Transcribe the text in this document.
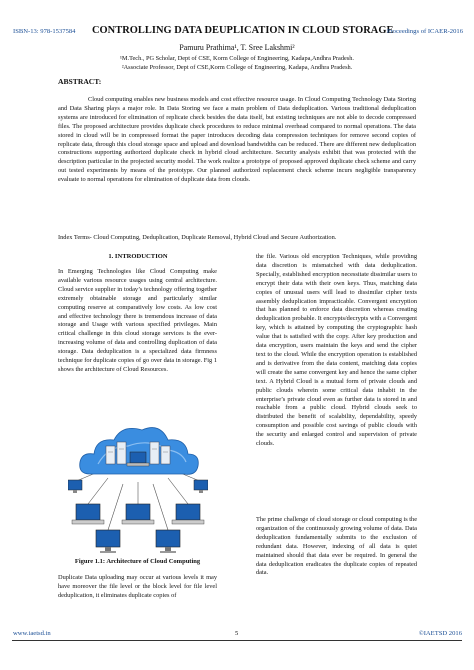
ISBN-13: 978-1537584 CONTROLLING DATA DEUPLICATION IN CLOUD STORAGE
Proceedings of ICAER-2016
Pamuru Prathima¹, T. Sree Lakshmi²
¹M.Tech., PG Scholar, Dept of CSE, Korm College of Engineering, Kadapa,Andhra Pradesh.
²Associate Professor, Dept of CSE,Korm College of Engineering, Kadapa, Andhra Pradesh.
ABSTRACT:

Cloud computing enables new business models and cost effective resource usage. In Cloud Computing Technology Data Storing and Data Sharing plays a major role. In Data Storing we face a main problem of Data deduplication. Various traditional deduplication systems are introduced for elimination of replicate check besides the data itself, but existing techniques are not able to decode compressed files. The proposed architecture provides duplicate check procedures to reduce minimal overhead compared to normal operations. The data stored in cloud will be in compressed format the paper introduces decoding data compression techniques for remove second copies of replicate data, through this cloud storage space and upload and download bandwidths can be reduced. There are different new deduplication constructions supporting authorized duplicate check in hybrid cloud architecture. Security analysis exhibit that was protected with the description particular in the projected security model. The work realize a prototype of proposed approved duplicate check scheme and carry out tested experiments by means of the prototype. Our planned authorized replacement check scheme incurs negligible transparency evaluate to normal operations for elimination of duplicate data from clouds.

Index Terms- Cloud Computing, Deduplication, Duplicate Removal, Hybrid Cloud and Secure Authorization.

1. INTRODUCTION

In Emerging Technologies like Cloud Computing make available various resource usages using central architecture. Cloud service supplier in today’s technology offering together extremely obtainable storage and particularly similar computing reserve at comparatively low costs. As low cost and effective technology there is tremendous increase of data storage and Usage with various specified privileges. Main critical challenge in this cloud storage services is the ever-increasing volume of data and controlling duplication of data storage. Data deduplication is a specialized data firmness technique for duplicate copies of go over data in storage. Fig 1 shows the architecture of Cloud Resources.

Figure 1.1: Architecture of Cloud Computing

Duplicate Data uploading may occur at various levels it may have moreover the file level or the block level for file level deduplication, it eliminates duplicate copies of

the file. Various old encryption Techniques, while providing data discretion is mismatched with data deduplication. Specially, established encryption necessitate dissimilar users to encrypt their data with their own keys. Thus, matching data copies of unusual users will lead to dissimilar cipher texts assembly deduplication impracticable. Convergent encryption that has planned to enforce data discretion whereas creating deduplication probable. It encrypts/decrypts with a Convergent key, which is attained by computing the cryptographic hash value that is satisfied with the copy. After key production and data encryption, users maintain the keys and send the cipher text to the cloud. While the encryption operation is established and is derivative from the data content, matching data copies will create the same convergent key and hence the same cipher text. A Hybrid Cloud is a mutual form of private clouds and public clouds wherein some critical data inhabit in the enterprise’s private cloud even as further data is stored in and reachable from a public cloud. Hybrid clouds seek to distributed the benefit of scalability, dependability, speedy consumption and possible cost savings of public clouds with the security and enlarged control and supervision of private clouds.

The prime challenge of cloud storage or cloud computing is the organization of the continuously growing volume of data. Data deduplication fundamentally submits to the exclusion of redundant data. However, indexing of all data is quiet maintained should that data ever be required. In general the data deduplication eradicates the duplicate copies of repeated data.

www.iaetsd.in	5	©IAETSD 2016
